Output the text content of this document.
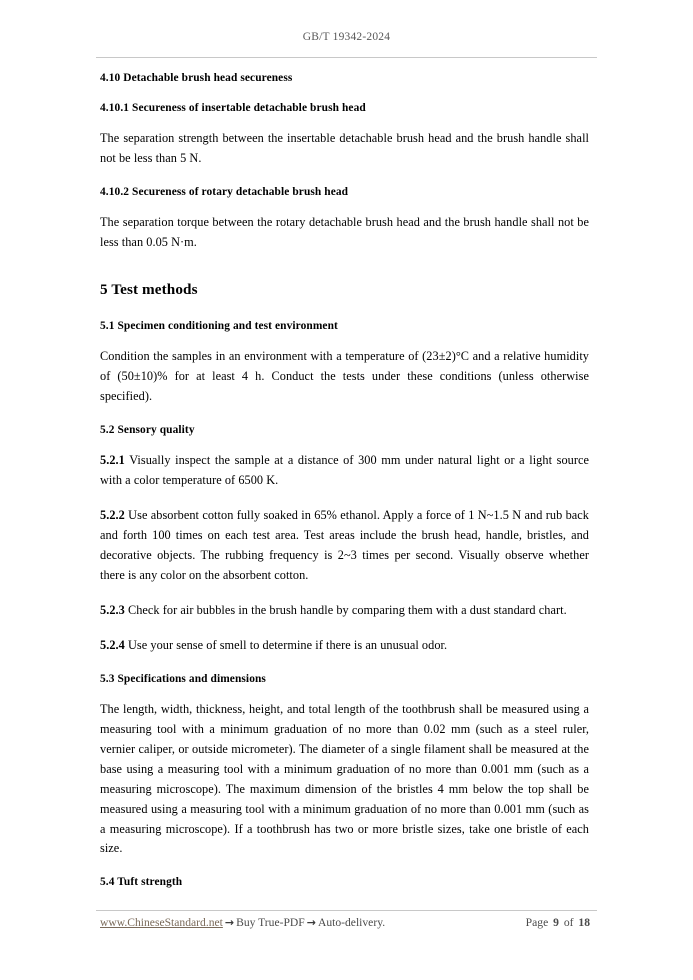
GB/T 19342-2024
4.10 Detachable brush head secureness
4.10.1 Secureness of insertable detachable brush head

The separation strength between the insertable detachable brush head and the brush handle shall not be less than 5 N.

4.10.2 Secureness of rotary detachable brush head

The separation torque between the rotary detachable brush head and the brush handle shall not be less than 0.05 N·m.

5 Test methods
5.1 Specimen conditioning and test environment

Condition the samples in an environment with a temperature of (23±2)°C and a relative humidity of (50±10)% for at least 4 h. Conduct the tests under these conditions (unless otherwise specified).

5.2 Sensory quality

5.2.1 Visually inspect the sample at a distance of 300 mm under natural light or a light source with a color temperature of 6500 K.

5.2.2 Use absorbent cotton fully soaked in 65% ethanol. Apply a force of 1 N~1.5 N and rub back and forth 100 times on each test area. Test areas include the brush head, handle, bristles, and decorative objects. The rubbing frequency is 2~3 times per second. Visually observe whether there is any color on the absorbent cotton.

5.2.3 Check for air bubbles in the brush handle by comparing them with a dust standard chart.

5.2.4 Use your sense of smell to determine if there is an unusual odor.

5.3 Specifications and dimensions

The length, width, thickness, height, and total length of the toothbrush shall be measured using a measuring tool with a minimum graduation of no more than 0.02 mm (such as a steel ruler, vernier caliper, or outside micrometer). The diameter of a single filament shall be measured at the base using a measuring tool with a minimum graduation of no more than 0.001 mm (such as a measuring microscope). The maximum dimension of the bristles 4 mm below the top shall be measured using a measuring tool with a minimum graduation of no more than 0.001 mm (such as a measuring microscope). If a toothbrush has two or more bristle sizes, take one bristle of each size.

5.4 Tuft strength
www.ChineseStandard.net → Buy True-PDF → Auto-delivery.	Page 9 of 18
